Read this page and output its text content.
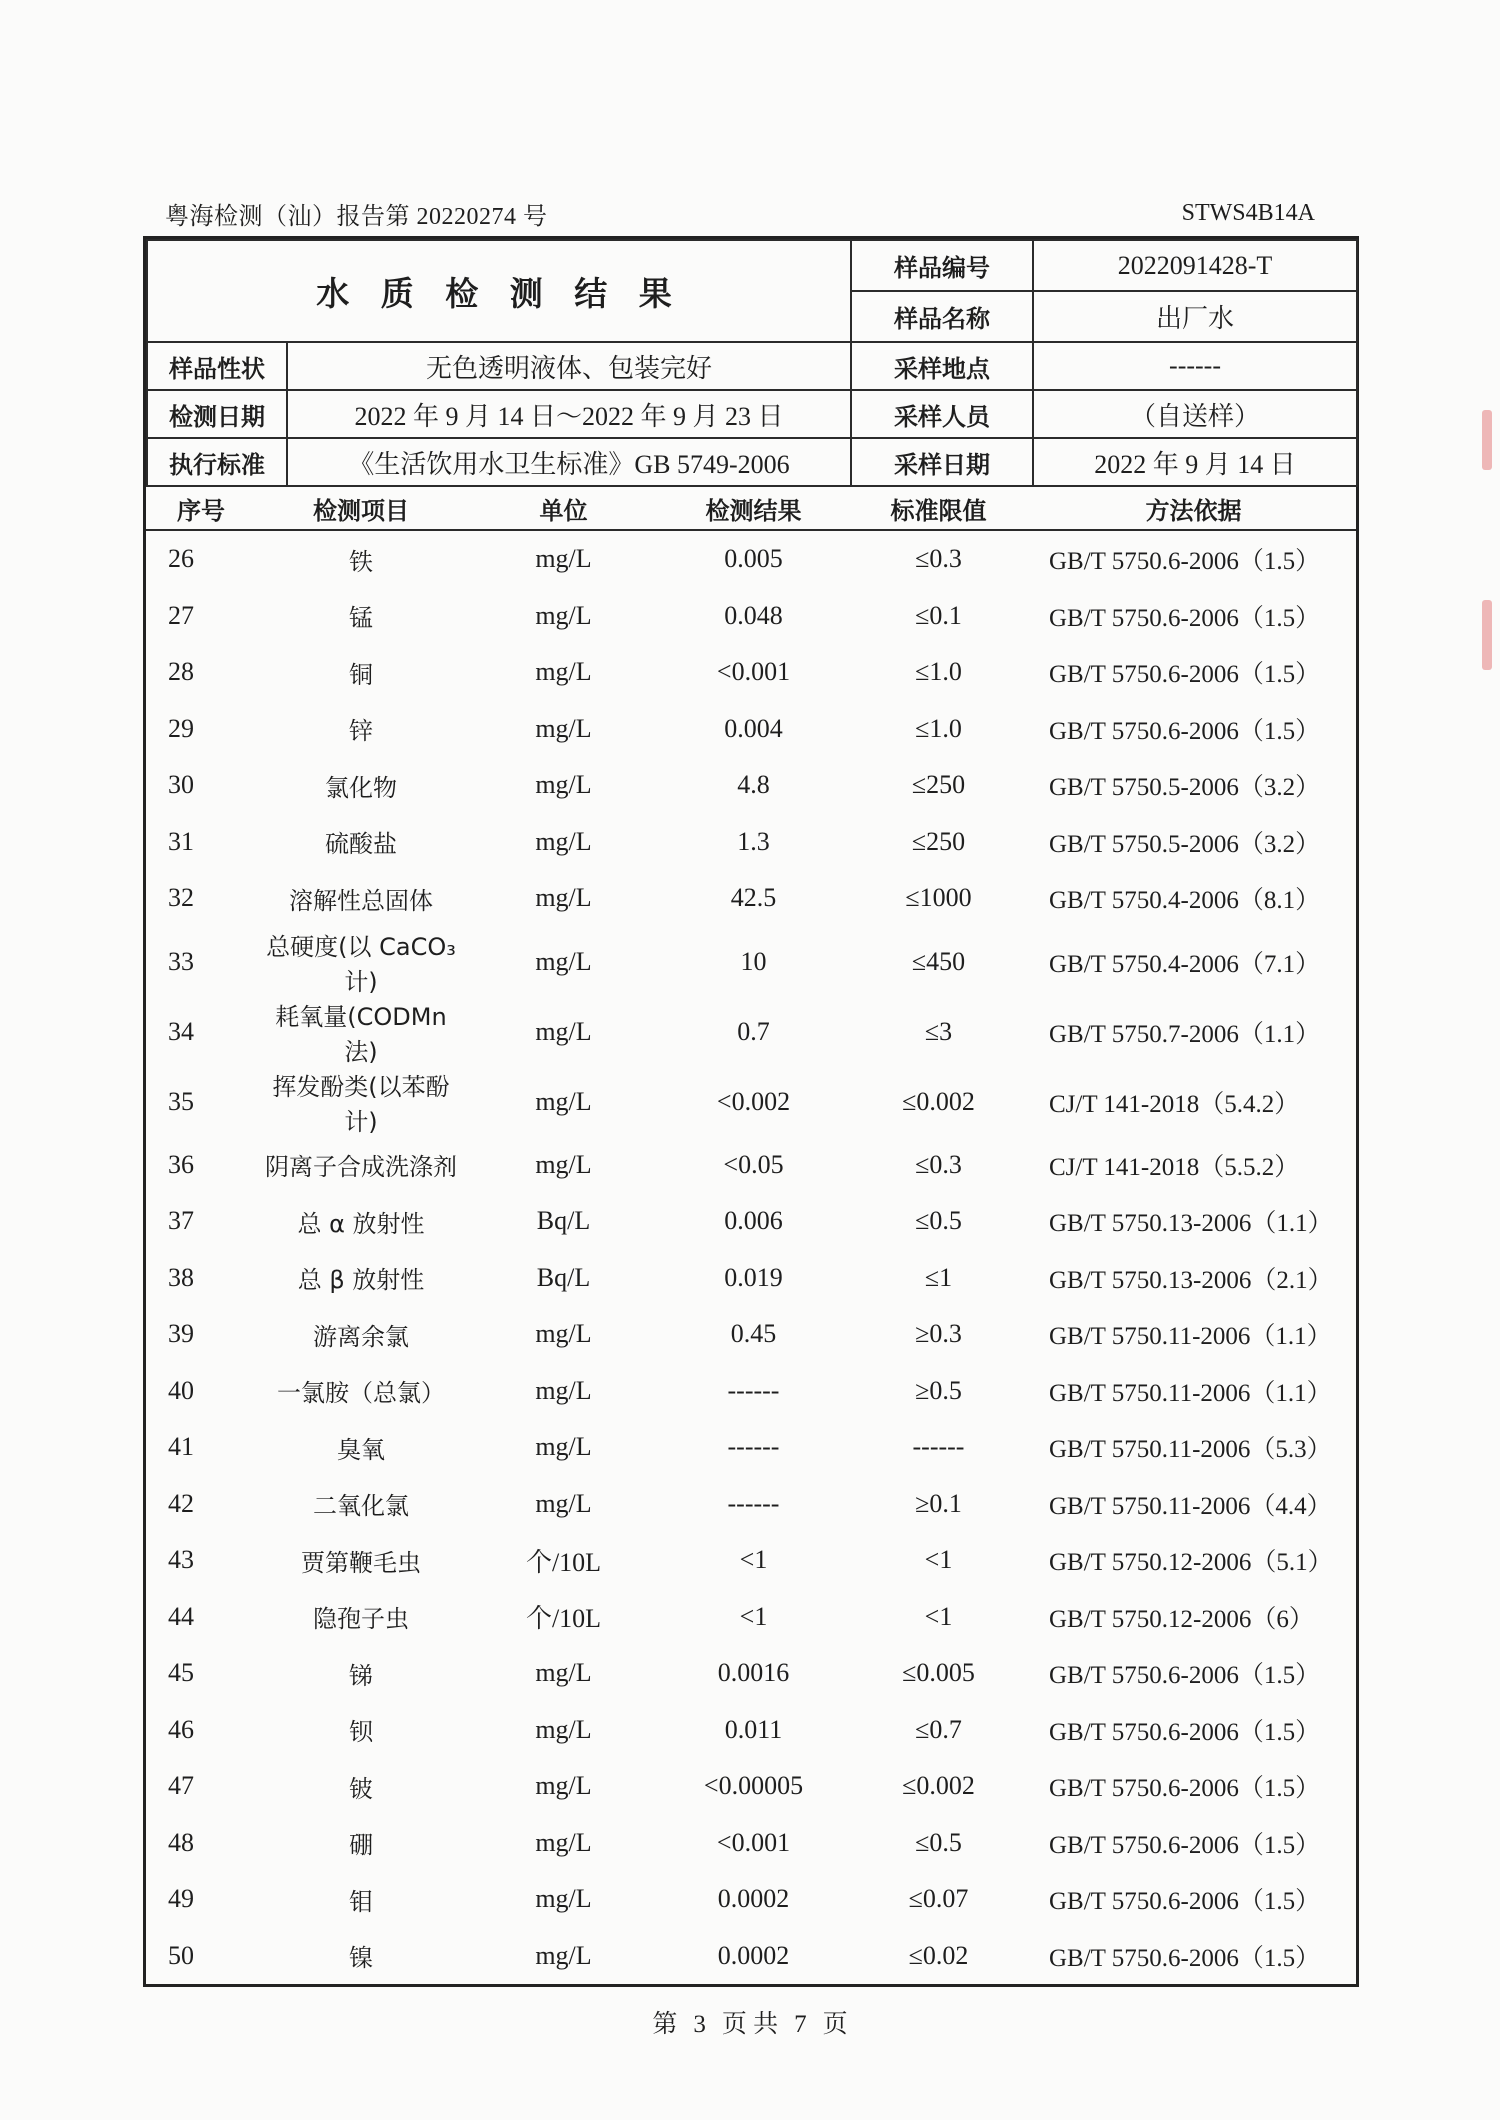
粤海检测（汕）报告第 20220274 号	STWS4B14A
水 质 检 测 结 果		样品编号	2022091428-T
		样品名称	出厂水
样品性状	无色透明液体、包装完好	采样地点	------
检测日期	2022 年 9 月 14 日～2022 年 9 月 23 日	采样人员	（自送样）
执行标准	《生活饮用水卫生标准》GB 5749-2006	采样日期	2022 年 9 月 14 日
序号	检测项目	单位	检测结果	标准限值	方法依据
26	铁	mg/L	0.005	≤0.3	GB/T 5750.6-2006（1.5）
27	锰	mg/L	0.048	≤0.1	GB/T 5750.6-2006（1.5）
28	铜	mg/L	<0.001	≤1.0	GB/T 5750.6-2006（1.5）
29	锌	mg/L	0.004	≤1.0	GB/T 5750.6-2006（1.5）
30	氯化物	mg/L	4.8	≤250	GB/T 5750.5-2006（3.2）
31	硫酸盐	mg/L	1.3	≤250	GB/T 5750.5-2006（3.2）
32	溶解性总固体	mg/L	42.5	≤1000	GB/T 5750.4-2006（8.1）
33	总硬度(以 CaCO₃ 计)	mg/L	10	≤450	GB/T 5750.4-2006（7.1）
34	耗氧量(CODMn 法)	mg/L	0.7	≤3	GB/T 5750.7-2006（1.1）
35	挥发酚类(以苯酚计)	mg/L	<0.002	≤0.002	CJ/T 141-2018（5.4.2）
36	阴离子合成洗涤剂	mg/L	<0.05	≤0.3	CJ/T 141-2018（5.5.2）
37	总 α 放射性	Bq/L	0.006	≤0.5	GB/T 5750.13-2006（1.1）
38	总 β 放射性	Bq/L	0.019	≤1	GB/T 5750.13-2006（2.1）
39	游离余氯	mg/L	0.45	≥0.3	GB/T 5750.11-2006（1.1）
40	一氯胺（总氯）	mg/L	------	≥0.5	GB/T 5750.11-2006（1.1）
41	臭氧	mg/L	------	------	GB/T 5750.11-2006（5.3）
42	二氧化氯	mg/L	------	≥0.1	GB/T 5750.11-2006（4.4）
43	贾第鞭毛虫	个/10L	<1	<1	GB/T 5750.12-2006（5.1）
44	隐孢子虫	个/10L	<1	<1	GB/T 5750.12-2006（6）
45	锑	mg/L	0.0016	≤0.005	GB/T 5750.6-2006（1.5）
46	钡	mg/L	0.011	≤0.7	GB/T 5750.6-2006（1.5）
47	铍	mg/L	<0.00005	≤0.002	GB/T 5750.6-2006（1.5）
48	硼	mg/L	<0.001	≤0.5	GB/T 5750.6-2006（1.5）
49	钼	mg/L	0.0002	≤0.07	GB/T 5750.6-2006（1.5）
50	镍	mg/L	0.0002	≤0.02	GB/T 5750.6-2006（1.5）
第 3 页 共 7 页
